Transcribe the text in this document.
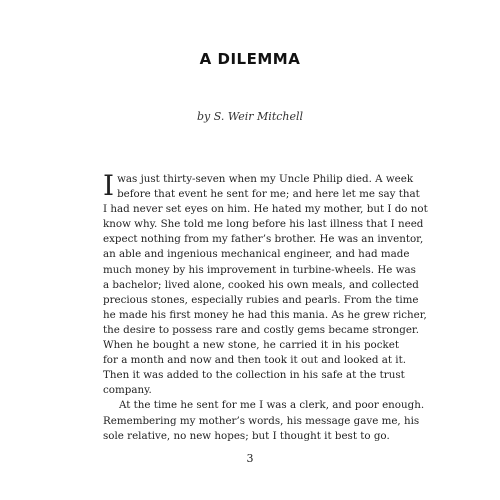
A DILEMMA
by S. Weir Mitchell
I was just thirty-seven when my Uncle Philip died. A week
before that event he sent for me; and here let me say that
I had never set eyes on him. He hated my mother, but I do not
know why. She told me long before his last illness that I need
expect nothing from my father’s brother. He was an inventor,
an able and ingenious mechanical engineer, and had made
much money by his improvement in turbine-wheels. He was
a bachelor; lived alone, cooked his own meals, and collected
precious stones, especially rubies and pearls. From the time
he made his first money he had this mania. As he grew richer,
the desire to possess rare and costly gems became stronger.
When he bought a new stone, he carried it in his pocket
for a month and now and then took it out and looked at it.
Then it was added to the collection in his safe at the trust
company.
At the time he sent for me I was a clerk, and poor enough.
Remembering my mother’s words, his message gave me, his
sole relative, no new hopes; but I thought it best to go.
3
